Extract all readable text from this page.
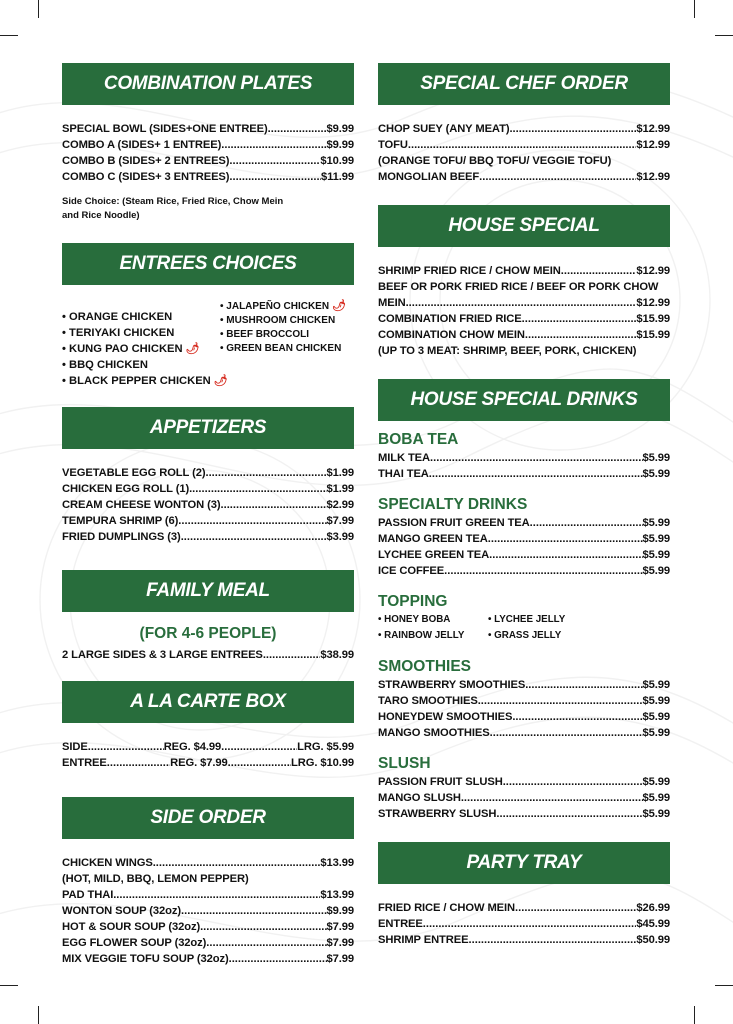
COMBINATION PLATES
SPECIAL BOWL (SIDES+ONE ENTREE) .....	$9.99
COMBO A (SIDES+ 1 ENTREE) .....	$9.99
COMBO B (SIDES+ 2 ENTREES) .....	$10.99
COMBO C (SIDES+ 3 ENTREES) .....	$11.99
Side Choice: (Steam Rice, Fried Rice, Chow Mein
and Rice Noodle)
ENTREES CHOICES
• ORANGE CHICKEN
• TERIYAKI CHICKEN
• KUNG PAO CHICKEN 🌶
• BBQ CHICKEN
• BLACK PEPPER CHICKEN 🌶
• JALAPEÑO CHICKEN 🌶
• MUSHROOM CHICKEN
• BEEF BROCCOLI
• GREEN BEAN CHICKEN
APPETIZERS
VEGETABLE EGG ROLL (2) .....	$1.99
CHICKEN EGG ROLL (1) .....	$1.99
CREAM CHEESE WONTON (3) .....	$2.99
TEMPURA SHRIMP (6) .....	$7.99
FRIED DUMPLINGS (3) .....	$3.99
FAMILY MEAL
(FOR 4-6 PEOPLE)
2 LARGE SIDES & 3 LARGE ENTREES .....	$38.99
A LA CARTE BOX
SIDE .....	REG. $4.99 .....	LRG. $5.99
ENTREE .....	REG. $7.99 .....	LRG. $10.99
SIDE ORDER
CHICKEN WINGS .....	$13.99
(HOT, MILD, BBQ, LEMON PEPPER)
PAD THAI .....	$13.99
WONTON SOUP (32oz) .....	$9.99
HOT & SOUR SOUP (32oz) .....	$7.99
EGG FLOWER SOUP (32oz) .....	$7.99
MIX VEGGIE TOFU SOUP (32oz) .....	$7.99
SPECIAL CHEF ORDER
CHOP SUEY (ANY MEAT) .....	$12.99
TOFU .....	$12.99
(ORANGE TOFU/ BBQ TOFU/ VEGGIE TOFU)
MONGOLIAN BEEF .....	$12.99
HOUSE SPECIAL
SHRIMP FRIED RICE / CHOW MEIN .....	$12.99
BEEF OR PORK FRIED RICE / BEEF OR PORK CHOW
MEIN .....	$12.99
COMBINATION FRIED RICE .....	$15.99
COMBINATION CHOW MEIN .....	$15.99
(UP TO 3 MEAT: SHRIMP, BEEF, PORK, CHICKEN)
HOUSE SPECIAL DRINKS
BOBA TEA
MILK TEA .....	$5.99
THAI TEA .....	$5.99
SPECIALTY DRINKS
PASSION FRUIT GREEN TEA .....	$5.99
MANGO GREEN TEA .....	$5.99
LYCHEE GREEN TEA .....	$5.99
ICE COFFEE .....	$5.99
TOPPING
• HONEY BOBA
• RAINBOW JELLY
• LYCHEE JELLY
• GRASS JELLY
SMOOTHIES
STRAWBERRY SMOOTHIES .....	$5.99
TARO SMOOTHIES .....	$5.99
HONEYDEW SMOOTHIES .....	$5.99
MANGO SMOOTHIES .....	$5.99
SLUSH
PASSION FRUIT SLUSH .....	$5.99
MANGO SLUSH .....	$5.99
STRAWBERRY SLUSH .....	$5.99
PARTY TRAY
FRIED RICE / CHOW MEIN .....	$26.99
ENTREE .....	$45.99
SHRIMP ENTREE .....	$50.99
